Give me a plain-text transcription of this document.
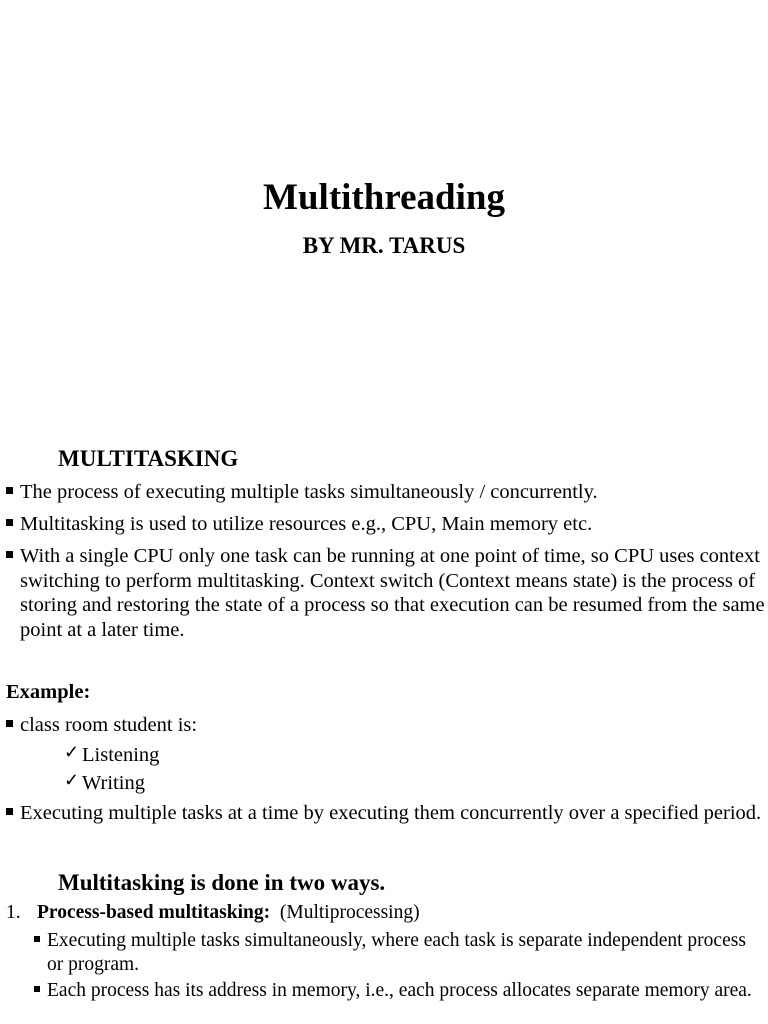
Multithreading
BY MR. TARUS
MULTITASKING
The process of executing multiple tasks simultaneously / concurrently.
Multitasking is used to utilize resources e.g., CPU, Main memory etc.
With a single CPU only one task can be running at one point of time, so CPU uses context switching to perform multitasking. Context switch (Context means state) is the process of storing and restoring the state of a process so that execution can be resumed from the same point at a later time.
Example:
class room student is:
✓ Listening
✓ Writing
Executing multiple tasks at a time by executing them concurrently over a specified period.
Multitasking is done in two ways.
1. Process-based multitasking: (Multiprocessing)
Executing multiple tasks simultaneously, where each task is separate independent process or program.
Each process has its address in memory, i.e., each process allocates separate memory area.
